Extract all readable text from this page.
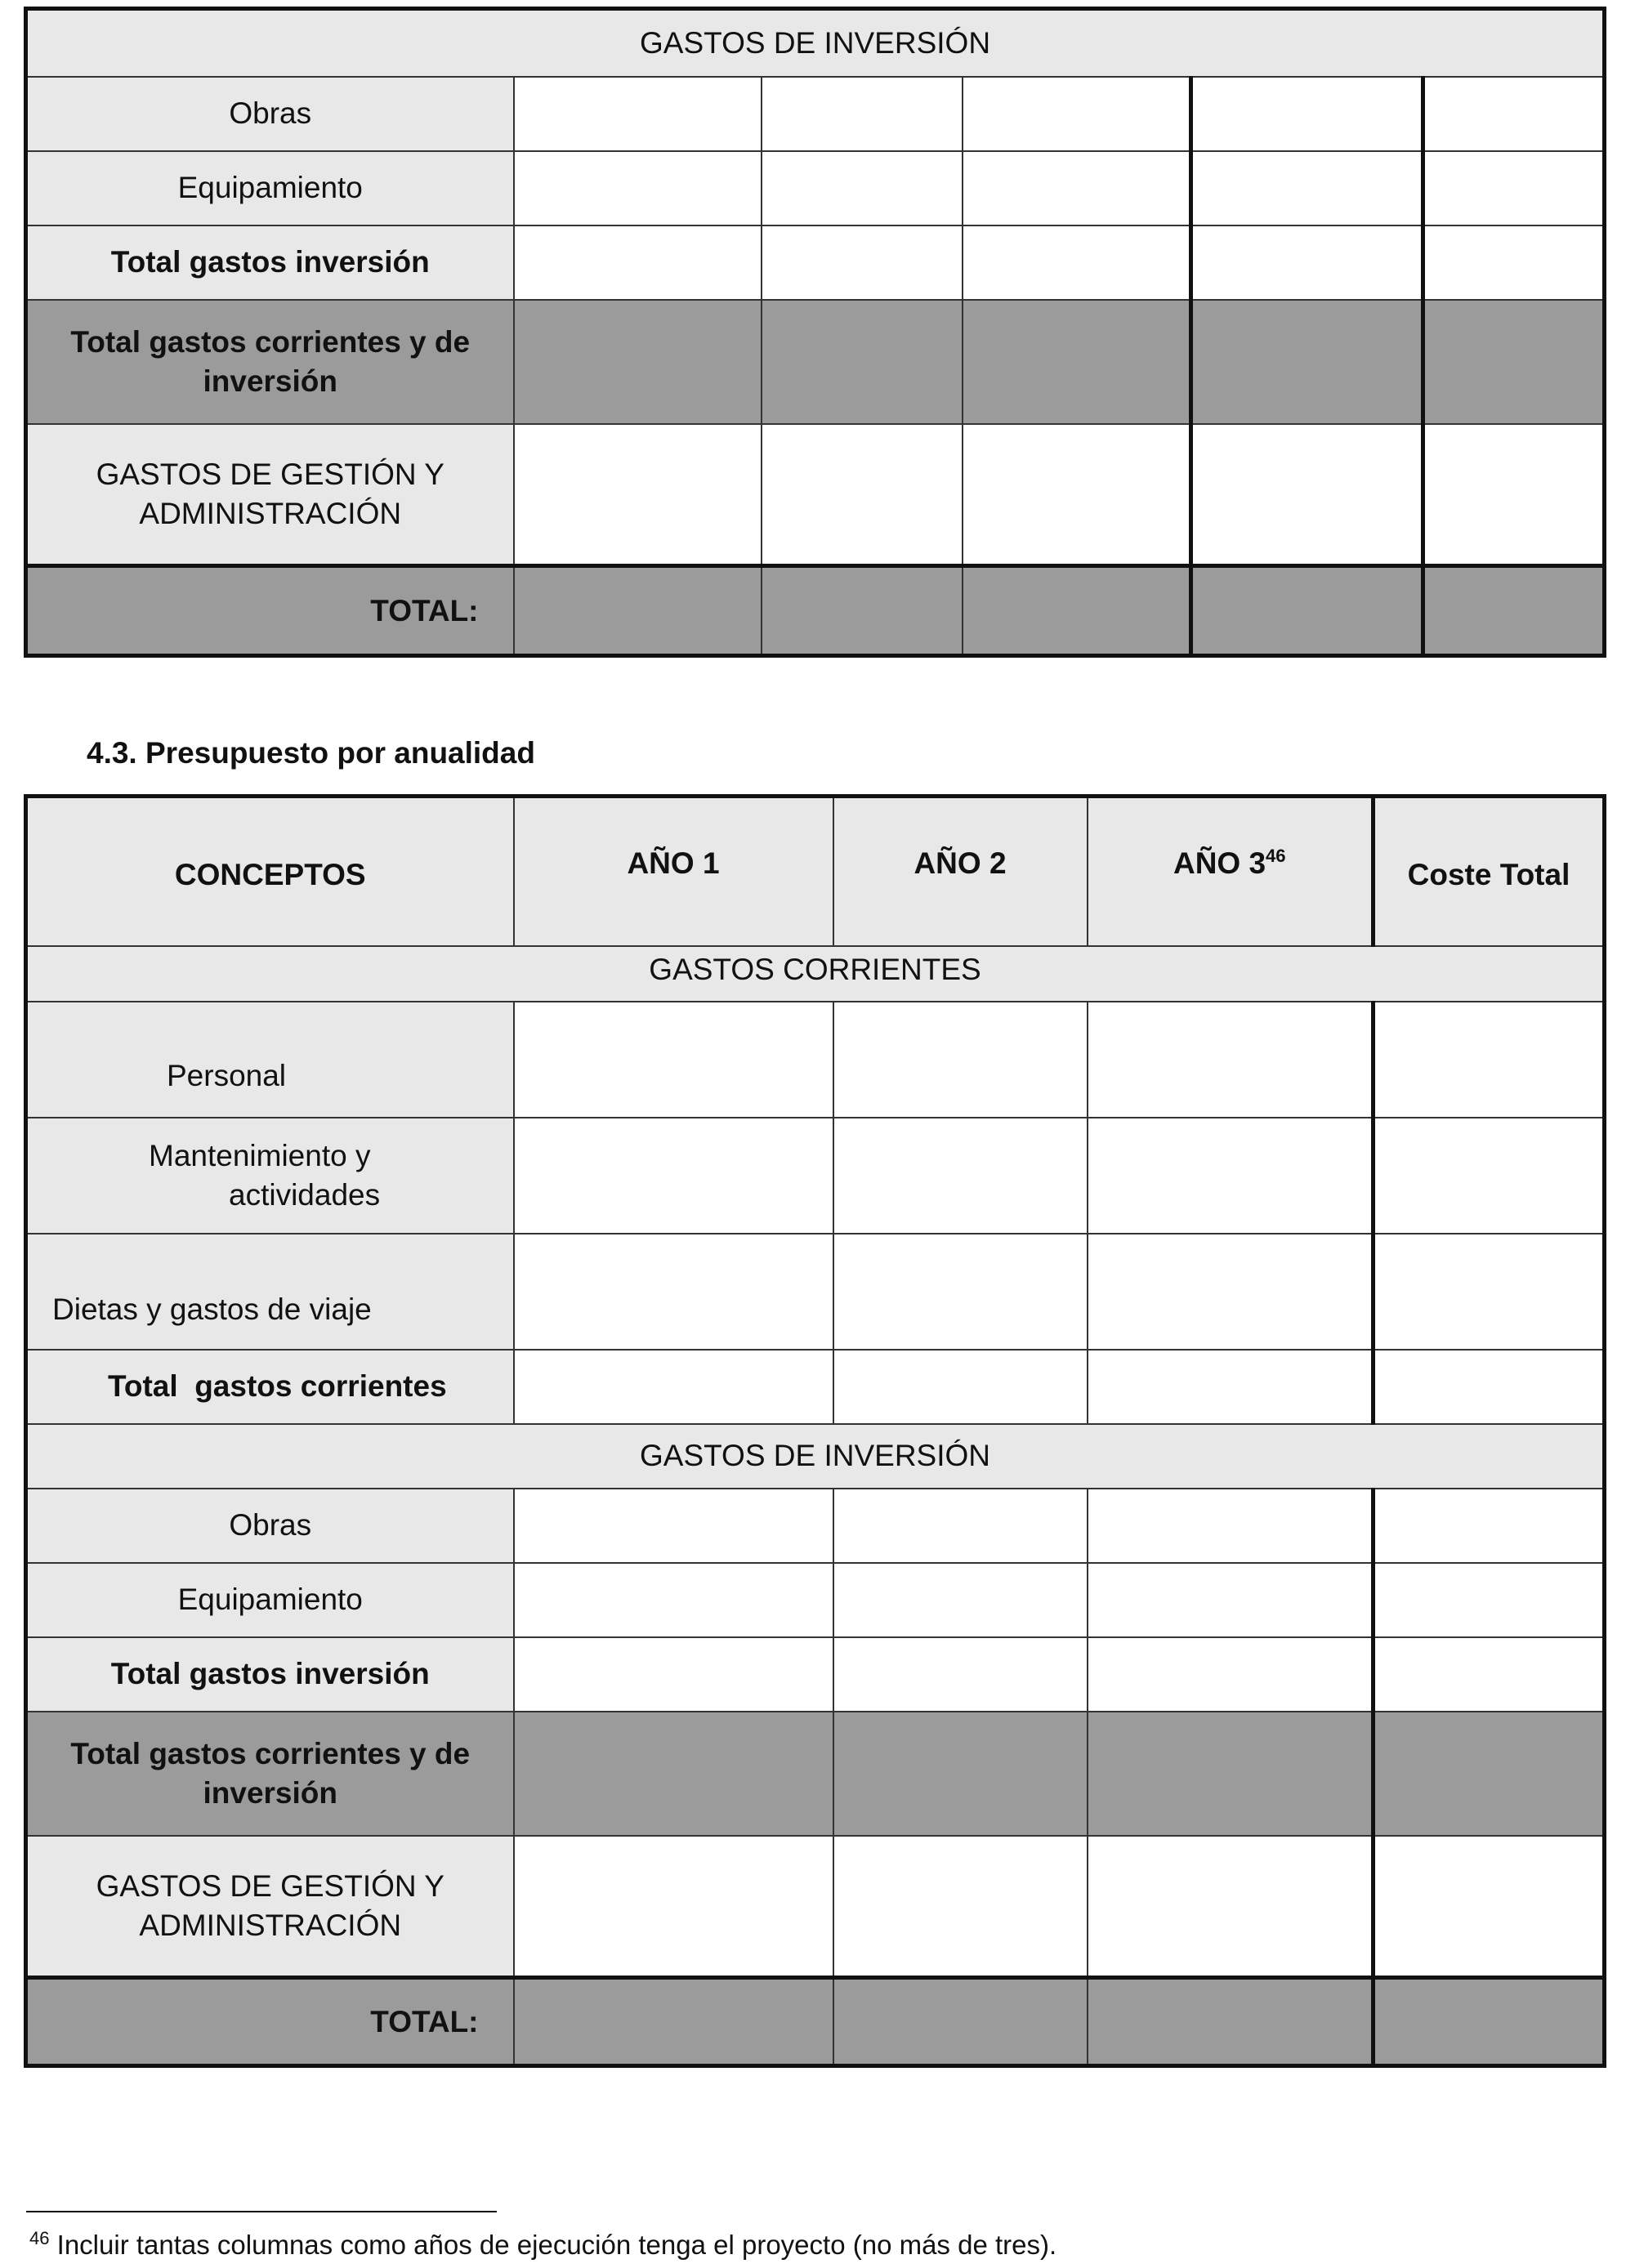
GASTOS DE INVERSIÓN					
Obras					
Equipamiento					
Total gastos inversión					

Total gastos corrientes y de
inversión					

GASTOS DE GESTIÓN Y
ADMINISTRACIÓN					

TOTAL:					
4.3. Presupuesto por anualidad
CONCEPTOS	AÑO 1	AÑO 2	AÑO $3^{46}$	Coste Total
GASTOS CORRIENTES				
Personal				

Mantenimiento y
actividades				

Dietas y gastos de viaje				
Total  gastos corrientes				
GASTOS DE INVERSIÓN				
Obras				
Equipamiento				
Total gastos inversión				

Total gastos corrientes y de
inversión				

GASTOS DE GESTIÓN Y
ADMINISTRACIÓN				

TOTAL:				
$^{46}$ Incluir tantas columnas como años de ejecución tenga el proyecto (no más de tres).
